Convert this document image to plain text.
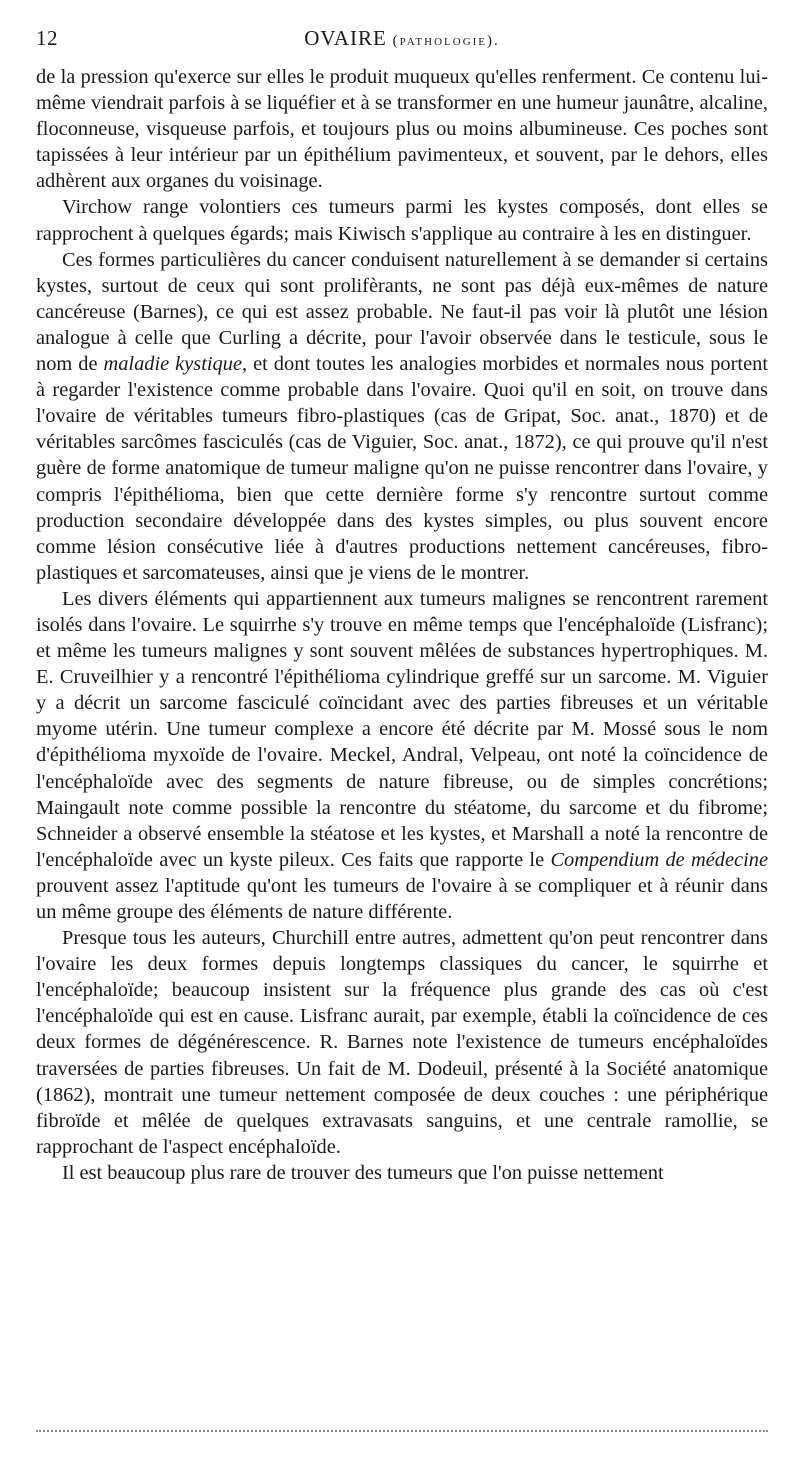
12	OVAIRE (pathologie).

de la pression qu'exerce sur elles le produit muqueux qu'elles renferment. Ce contenu lui-même viendrait parfois à se liquéfier et à se transformer en une humeur jaunâtre, alcaline, floconneuse, visqueuse parfois, et toujours plus ou moins albumineuse. Ces poches sont tapissées à leur intérieur par un épithélium pavimenteux, et souvent, par le dehors, elles adhèrent aux organes du voisinage.

Virchow range volontiers ces tumeurs parmi les kystes composés, dont elles se rapprochent à quelques égards; mais Kiwisch s'applique au contraire à les en distinguer.

Ces formes particulières du cancer conduisent naturellement à se demander si certains kystes, surtout de ceux qui sont prolifèrants, ne sont pas déjà eux-mêmes de nature cancéreuse (Barnes), ce qui est assez probable. Ne faut-il pas voir là plutôt une lésion analogue à celle que Curling a décrite, pour l'avoir observée dans le testicule, sous le nom de maladie kystique, et dont toutes les analogies morbides et normales nous portent à regarder l'existence comme probable dans l'ovaire. Quoi qu'il en soit, on trouve dans l'ovaire de véritables tumeurs fibro-plastiques (cas de Gripat, Soc. anat., 1870) et de véritables sarcômes fasciculés (cas de Viguier, Soc. anat., 1872), ce qui prouve qu'il n'est guère de forme anatomique de tumeur maligne qu'on ne puisse rencontrer dans l'ovaire, y compris l'épithélioma, bien que cette dernière forme s'y rencontre surtout comme production secondaire développée dans des kystes simples, ou plus souvent encore comme lésion consécutive liée à d'autres productions nettement cancéreuses, fibro-plastiques et sarcomateuses, ainsi que je viens de le montrer.

Les divers éléments qui appartiennent aux tumeurs malignes se rencontrent rarement isolés dans l'ovaire. Le squirrhe s'y trouve en même temps que l'encéphaloïde (Lisfranc); et même les tumeurs malignes y sont souvent mêlées de substances hypertrophiques. M. E. Cruveilhier y a rencontré l'épithélioma cylindrique greffé sur un sarcome. M. Viguier y a décrit un sarcome fasciculé coïncidant avec des parties fibreuses et un véritable myome utérin. Une tumeur complexe a encore été décrite par M. Mossé sous le nom d'épithélioma myxoïde de l'ovaire. Meckel, Andral, Velpeau, ont noté la coïncidence de l'encéphaloïde avec des segments de nature fibreuse, ou de simples concrétions; Maingault note comme possible la rencontre du stéatome, du sarcome et du fibrome; Schneider a observé ensemble la stéatose et les kystes, et Marshall a noté la rencontre de l'encéphaloïde avec un kyste pileux. Ces faits que rapporte le Compendium de médecine prouvent assez l'aptitude qu'ont les tumeurs de l'ovaire à se compliquer et à réunir dans un même groupe des éléments de nature différente.

Presque tous les auteurs, Churchill entre autres, admettent qu'on peut rencontrer dans l'ovaire les deux formes depuis longtemps classiques du cancer, le squirrhe et l'encéphaloïde; beaucoup insistent sur la fréquence plus grande des cas où c'est l'encéphaloïde qui est en cause. Lisfranc aurait, par exemple, établi la coïncidence de ces deux formes de dégénérescence. R. Barnes note l'existence de tumeurs encéphaloïdes traversées de parties fibreuses. Un fait de M. Dodeuil, présenté à la Société anatomique (1862), montrait une tumeur nettement composée de deux couches : une périphérique fibroïde et mêlée de quelques extravasats sanguins, et une centrale ramollie, se rapprochant de l'aspect encéphaloïde.

Il est beaucoup plus rare de trouver des tumeurs que l'on puisse nettement
